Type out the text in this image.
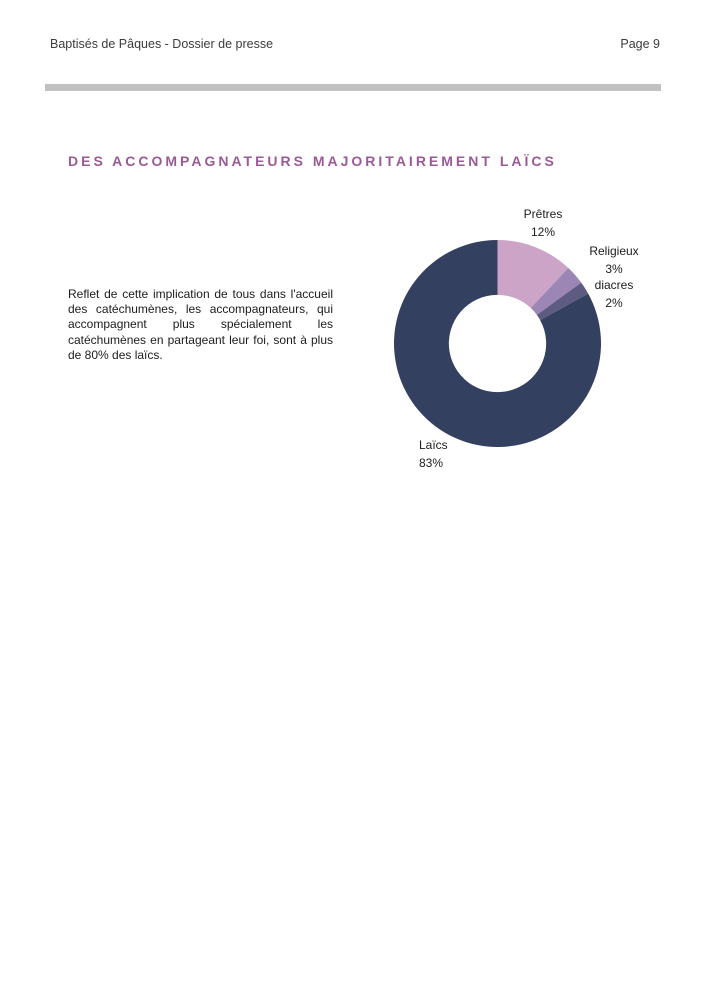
Baptisés de Pâques - Dossier de presse	Page 9
DES ACCOMPAGNATEURS MAJORITAIREMENT LAÏCS

Reflet de cette implication de tous dans l'accueil des catéchumènes, les accompagnateurs, qui accompagnent plus spécialement les catéchumènes en partageant leur foi, sont à plus de 80% des laïcs.

Prêtres
12%
Religieux
3%
diacres
2%
Laïcs
83%
